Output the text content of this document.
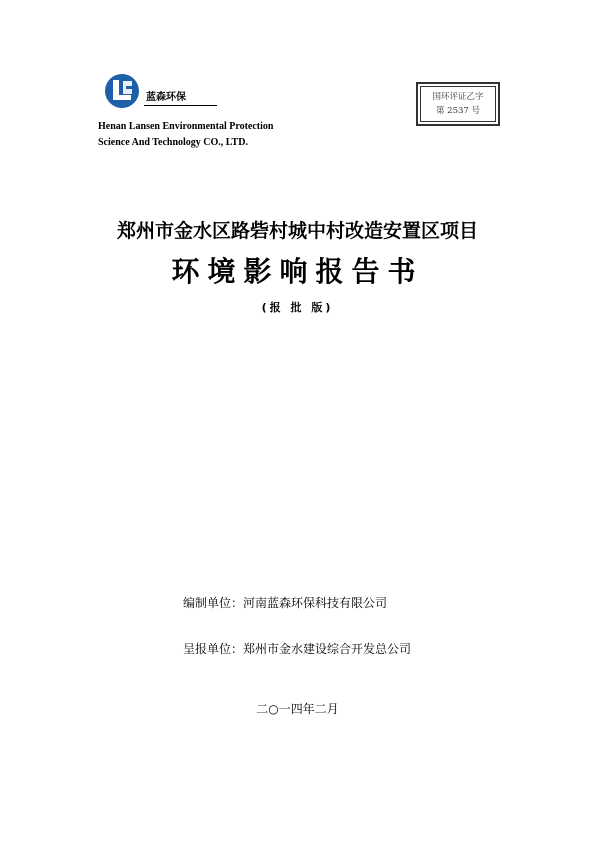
蓝森环保
Henan Lansen Environmental Protection
Science And Technology CO., LTD.
国环评证乙字
第 2537 号
郑州市金水区路砦村城中村改造安置区项目
环境影响报告书
(报 批 版)
编制单位：河南蓝森环保科技有限公司
呈报单位：郑州市金水建设综合开发总公司
二○一四年二月
